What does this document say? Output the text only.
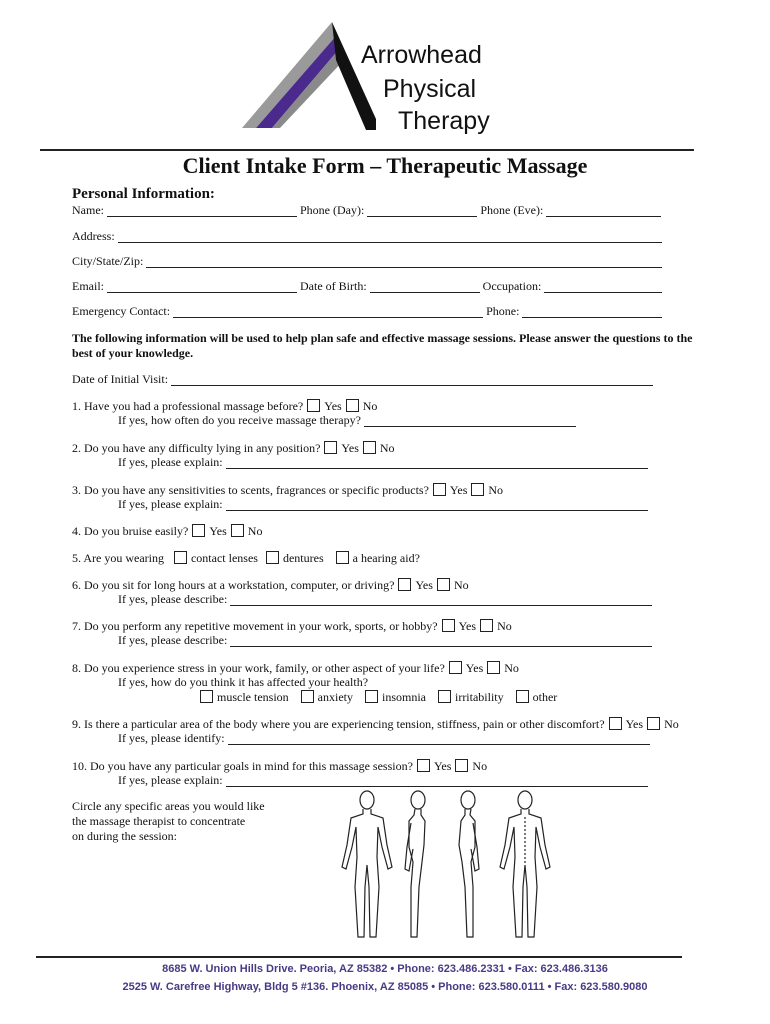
Arrowhead
Physical
Therapy
Client Intake Form – Therapeutic Massage
Personal Information:
Name:	Phone (Day):	Phone (Eve):
Address:
City/State/Zip:
Email:	Date of Birth:	Occupation:
Emergency Contact:	Phone:
The following information will be used to help plan safe and effective massage sessions. Please answer the questions to the best of your knowledge.
Date of Initial Visit:
1. Have you had a professional massage before? Yes No
If yes, how often do you receive massage therapy?
2. Do you have any difficulty lying in any position? Yes No
If yes, please explain:
3. Do you have any sensitivities to scents, fragrances or specific products? Yes No
If yes, please explain:
4. Do you bruise easily? Yes No
5. Are you wearing contact lenses dentures a hearing aid?
6. Do you sit for long hours at a workstation, computer, or driving? Yes No
If yes, please describe:
7. Do you perform any repetitive movement in your work, sports, or hobby? Yes No
If yes, please describe:
8. Do you experience stress in your work, family, or other aspect of your life? Yes No
If yes, how do you think it has affected your health?
muscle tension anxiety insomnia irritability other
9. Is there a particular area of the body where you are experiencing tension, stiffness, pain or other discomfort? Yes No
If yes, please identify:
10. Do you have any particular goals in mind for this massage session? Yes No
If yes, please explain:
Circle any specific areas you would like
the massage therapist to concentrate
on during the session:
8685 W. Union Hills Drive. Peoria, AZ 85382 • Phone: 623.486.2331 • Fax: 623.486.3136
2525 W. Carefree Highway, Bldg 5 #136. Phoenix, AZ 85085 • Phone: 623.580.0111 • Fax: 623.580.9080
